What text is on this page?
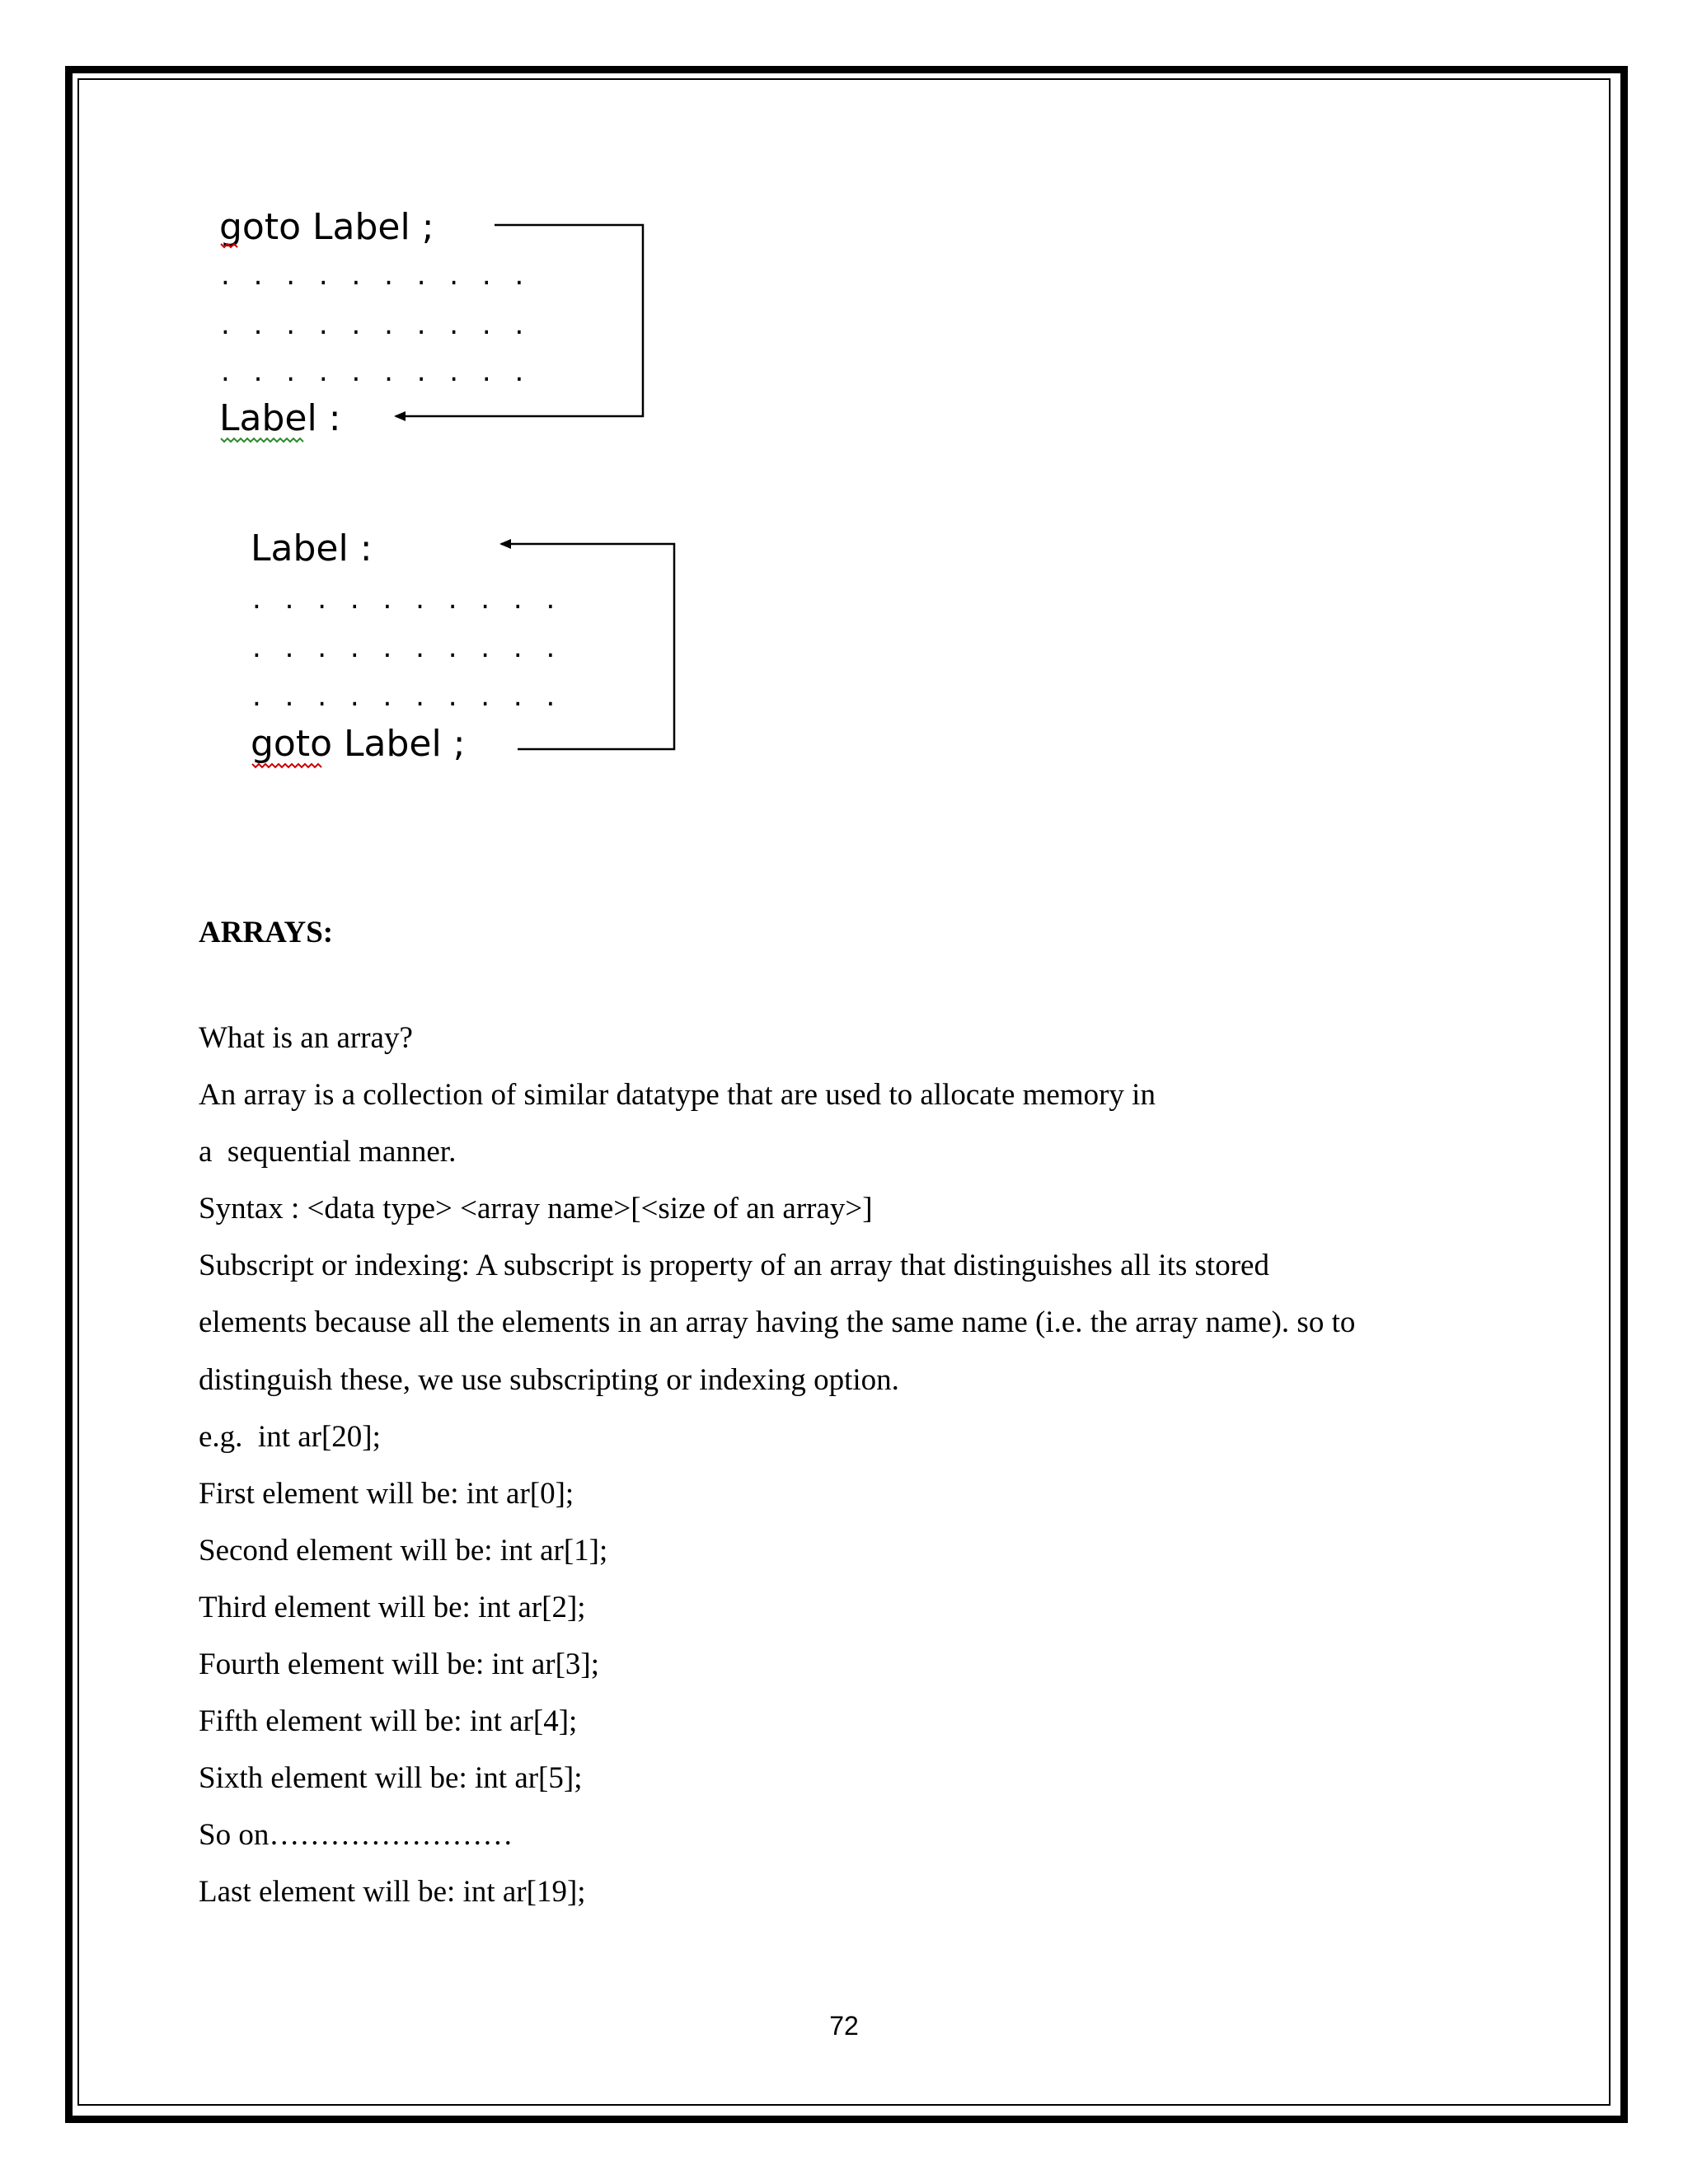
goto Label ;
. . . . . . . . . .
. . . . . . . . . .
. . . . . . . . . .
Label :
Label :
. . . . . . . . . .
. . . . . . . . . .
. . . . . . . . . .
goto Label ;
ARRAYS:
What is an array?
An array is a collection of similar datatype that are used to allocate memory in
a  sequential manner.
Syntax : <data type> <array name>[<size of an array>]
Subscript or indexing: A subscript is property of an array that distinguishes all its stored
elements because all the elements in an array having the same name (i.e. the array name). so to
distinguish these, we use subscripting or indexing option.
e.g.  int ar[20];
First element will be: int ar[0];
Second element will be: int ar[1];
Third element will be: int ar[2];
Fourth element will be: int ar[3];
Fifth element will be: int ar[4];
Sixth element will be: int ar[5];
So on……………………
Last element will be: int ar[19];
72
